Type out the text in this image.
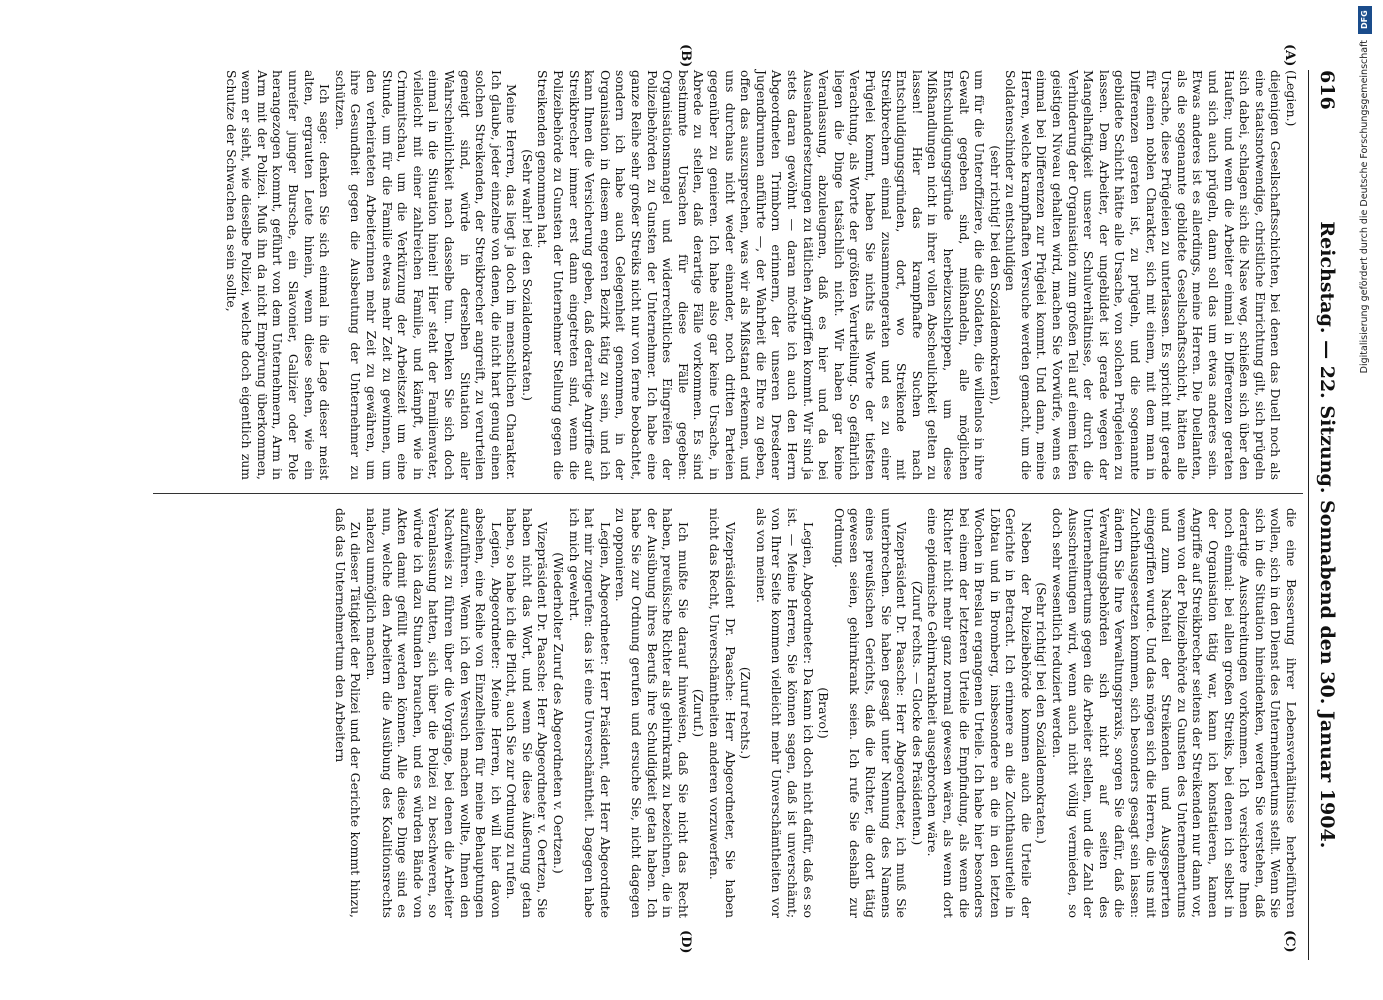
616
Reichstag. — 22. Sitzung. Sonnabend den 30. Januar 1904.
(A)
(B)
(C)
(D)

(Legien.)

diejenigen Gesellschaftsschichten, bei denen das Duell noch als eine staatsnotwendige, christliche Einrichtung gilt, sich prügeln sich dabei, schlagen sich die Nase weg, schießen sich über den Haufen; und wenn die Arbeiter einmal in Differenzen geraten und sich auch prügeln, dann soll das um etwas anderes sein. Etwas anderes ist es allerdings, meine Herren. Die Duellanten, als die sogenannte gebildete Gesellschaftsschicht, hätten alle Ursache, diese Prügeleien zu unterlassen. Es spricht mit gerade für einen noblen Charakter, sich mit einem, mit dem man in Differenzen geraten ist, zu prügeln, und die sogenannte gebildete Schicht hätte alle Ursache, von solchen Prügeleien zu lassen. Dem Arbeiter, der ungebildet ist gerade wegen der Mangelhaftigkeit unserer Schulverhältnisse, der durch die Verhinderung der Organisation zum großen Teil auf einem tiefen geistigen Niveau gehalten wird, machen Sie Vorwürfe, wenn es einmal bei Differenzen zur Prügelei kommt. Und dann, meine Herren, welche krampfhaften Versuche werden gemacht, um die Soldatenschinder zu entschuldigen

(sehr richtig! bei den Sozialdemokraten),

um für die Unteroffiziere, die die Soldaten, die willenlos in ihre Gewalt gegeben sind, mißhandeln, alle möglichen Entschuldigungsgründe herbeizuschleppen, um diese Mißhandlungen nicht in ihrer vollen Abscheulichkeit gelten zu lassen! Hier das krampfhafte Suchen nach Entschuldigungsgründen, dort, wo Streikende mit Streikbrechern einmal zusammengeraten und es zu einer Prügelei kommt, haben Sie nichts als Worte der tiefsten Verachtung, als Worte der größten Verurteilung. So gefährlich liegen die Dinge tatsächlich nicht. Wir haben gar keine Veranlassung, abzuleugnen, daß es hier und da bei Auseinandersetzungen zu tätlichen Angriffen kommt. Wir sind ja stets daran gewöhnt — daran möchte ich auch den Herrn Abgeordneten Trimborn erinnern, der unseren Dresdener Jugendbrunnen anführte —, der Wahrheit die Ehre zu geben, offen das auszusprechen, was wir als Mißstand erkennen, und uns durchaus nicht weder einander, noch dritten Parteien gegenüber zu genieren. Ich habe also gar keine Ursache, in Abrede zu stellen, daß derartige Fälle vorkommen. Es sind bestimmte Ursachen für diese Fälle gegeben: Organisationsmangel und widerrechtliches Eingreifen der Polizeibehörden zu Gunsten der Unternehmer. Ich habe eine ganze Reihe sehr großer Streiks nicht nur von ferne beobachtet, sondern ich habe auch Gelegenheit genommen, in der Organisation in diesem engeren Bezirk tätig zu sein, und ich kann Ihnen die Versicherung geben, daß derartige Angriffe auf Streikbrecher immer erst dann eingetreten sind, wenn die Polizeibehörde zu Gunsten der Unternehmer Stellung gegen die Streikenden genommen hat.

(Sehr wahr! bei den Sozialdemokraten.)

Meine Herren, das liegt ja doch im menschlichen Charakter. Ich glaube, jeder einzelne von denen, die nicht hart genug einen solchen Streikenden, der Streikbrecher angreift, zu verurteilen geneigt sind, würde in derselben Situation aller Wahrscheinlichkeit nach dasselbe tun. Denken Sie sich doch einmal in die Situation hinein! Hier steht der Familienvater, vielleicht mit einer zahlreichen Familie, und kämpft, wie in Crimmitschau, um die Verkürzung der Arbeitszeit um eine Stunde, um für die Familie etwas mehr Zeit zu gewinnen, um den verheirateten Arbeiterinnen mehr Zeit zu gewähren, um ihre Gesundheit gegen die Ausbeutung der Unternehmer zu schützen.

Ich sage: denken Sie sich einmal in die Lage dieser meist alten, ergrauten Leute hinein, wenn diese sehen, wie ein unreifer junger Bursche, ein Slavonier, Galizier oder Pole herangezogen kommt, geführt von dem Unternehmern, Arm in Arm mit der Polizei. Muß ihn da nicht Empörung überkommen, wenn er sieht, wie dieselbe Polizei, welche doch eigentlich zum Schutze der Schwachen da sein sollte,

die eine Besserung ihrer Lebensverhältnisse herbeiführen wollen, sich in den Dienst des Unternehmertums stellt. Wenn Sie sich in die Situation hineindenken, werden Sie verstehen, daß derartige Ausschreitungen vorkommen. Ich versichere Ihnen noch einmal: bei allen großen Streiks, bei denen ich selbst in der Organisation tätig war, kann ich konstatieren, kamen Angriffe auf Streikbrecher seitens der Streikenden nur dann vor, wenn von der Polizeibehörde zu Gunsten des Unternehmertums und zum Nachteil der Streikenden und Ausgesperrten eingegriffen wurde. Und das mögen sich die Herren, die uns mit Zuchthausgesetzen kommen, sich besonders gesagt sein lassen: ändern Sie Ihre Verwaltungspraxis, sorgen Sie dafür, daß die Verwaltungsbehörden sich nicht auf seiten des Unternehmertums gegen die Arbeiter stellen, und die Zahl der Ausschreitungen wird, wenn auch nicht völlig vermieden, so doch sehr wesentlich reduziert werden.

(Sehr richtig! bei den Sozialdemokraten.)

Neben der Polizeibehörde kommen auch die Urteile der Gerichte in Betracht. Ich erinnere an die Zuchthausurteile in Löbtau und in Bromberg, insbesondere an die in den letzten Wochen in Breslau ergangenen Urteile. Ich habe hier besonders bei einem der letzteren Urteile die Empfindung, als wenn die Richter nicht mehr ganz normal gewesen wären, als wenn dort eine epidemische Gehirnkrankheit ausgebrochen wäre.

(Zuruf rechts. — Glocke des Präsidenten.)

Vizepräsident Dr. Paasche: Herr Abgeordneter, ich muß Sie unterbrechen. Sie haben gesagt unter Nennung des Namens eines preußischen Gerichts, daß die Richter, die dort tätig gewesen seien, gehirnkrank seien. Ich rufe Sie deshalb zur Ordnung.

(Bravo!)

Legien, Abgeordneter: Da kann ich doch nicht dafür, daß es so ist. — Meine Herren, Sie können sagen, daß ist unverschämt; von Ihrer Seite kommen vielleicht mehr Unverschämtheiten vor als von meiner.

(Zuruf rechts.)

Vizepräsident Dr. Paasche: Herr Abgeordneter, Sie haben nicht das Recht, Unverschämtheiten anderen vorzuwerfen.

(Zuruf.)

Ich mußte Sie darauf hinweisen, daß Sie nicht das Recht haben, preußische Richter als gehirnkrank zu bezeichnen, die in der Ausübung ihres Berufs ihre Schuldigkeit getan haben. Ich habe Sie zur Ordnung gerufen und ersuche Sie, nicht dagegen zu opponieren.

Legien, Abgeordneter: Herr Präsident, der Herr Abgeordnete hat mir zugerufen: das ist eine Unverschämtheit. Dagegen habe ich mich gewehrt.

(Wiederholter Zuruf des Abgeordneten v. Oertzen.)

Vizepräsident Dr. Paasche: Herr Abgeordneter v. Oertzen, Sie haben nicht das Wort, und wenn Sie diese Äußerung getan haben, so habe ich die Pflicht, auch Sie zur Ordnung zu rufen.

Legien, Abgeordneter: Meine Herren, ich will hier davon absehen, eine Reihe von Einzelheiten für meine Behauptungen aufzuführen. Wenn ich den Versuch machen wollte, Ihnen den Nachweis zu führen über die Vorgänge, bei denen die Arbeiter Veranlassung hatten, sich über die Polizei zu beschweren, so würde ich dazu Stunden brauchen, und es würden Bände von Akten damit gefüllt werden können. Alle diese Dinge sind es nun, welche den Arbeitern die Ausübung des Koalitionsrechts nahezu unmöglich machen.

Zu dieser Tätigkeit der Polizei und der Gerichte kommt hinzu, daß das Unternehmertum den Arbeitern

DFG
Digitalisierung gefördert durch die Deutsche Forschungsgemeinschaft
